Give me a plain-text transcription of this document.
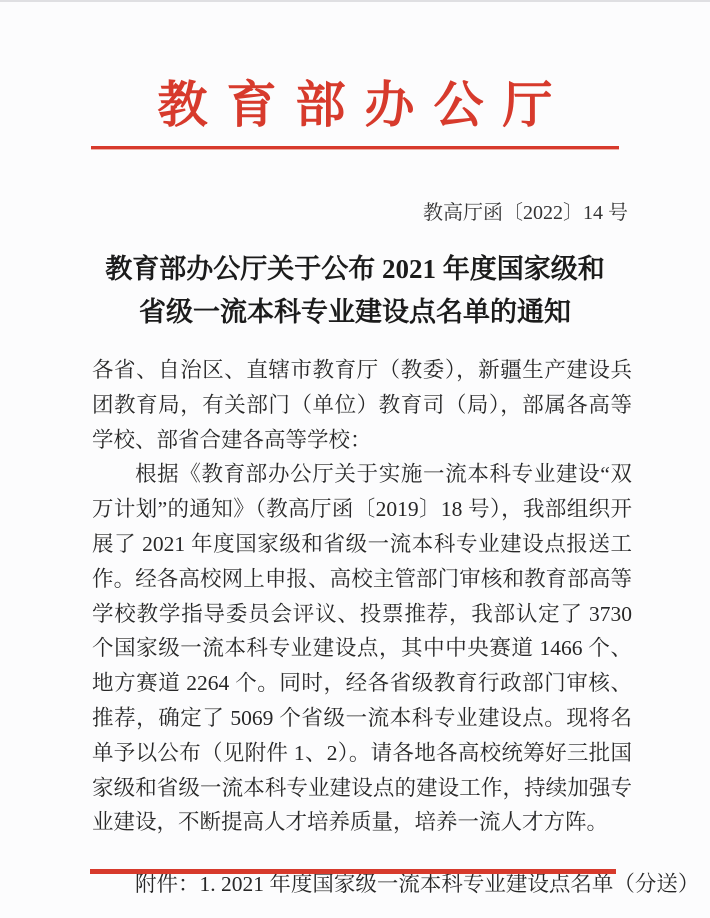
教育部办公厅
教高厅函〔2022〕14 号
教育部办公厅关于公布 2021 年度国家级和
省级一流本科专业建设点名单的通知

各省、自治区、直辖市教育厅（教委），新疆生产建设兵团教育局，有关部门（单位）教育司（局），部属各高等学校、部省合建各高等学校：

根据《教育部办公厅关于实施一流本科专业建设“双万计划”的通知》（教高厅函〔2019〕18 号），我部组织开展了 2021 年度国家级和省级一流本科专业建设点报送工作。经各高校网上申报、高校主管部门审核和教育部高等学校教学指导委员会评议、投票推荐，我部认定了 3730 个国家级一流本科专业建设点，其中中央赛道 1466 个、地方赛道 2264 个。同时，经各省级教育行政部门审核、推荐，确定了 5069 个省级一流本科专业建设点。现将名单予以公布（见附件 1、2）。请各地各高校统筹好三批国家级和省级一流本科专业建设点的建设工作，持续加强专业建设，不断提高人才培养质量，培养一流人才方阵。

附件：1. 2021 年度国家级一流本科专业建设点名单（分送）
